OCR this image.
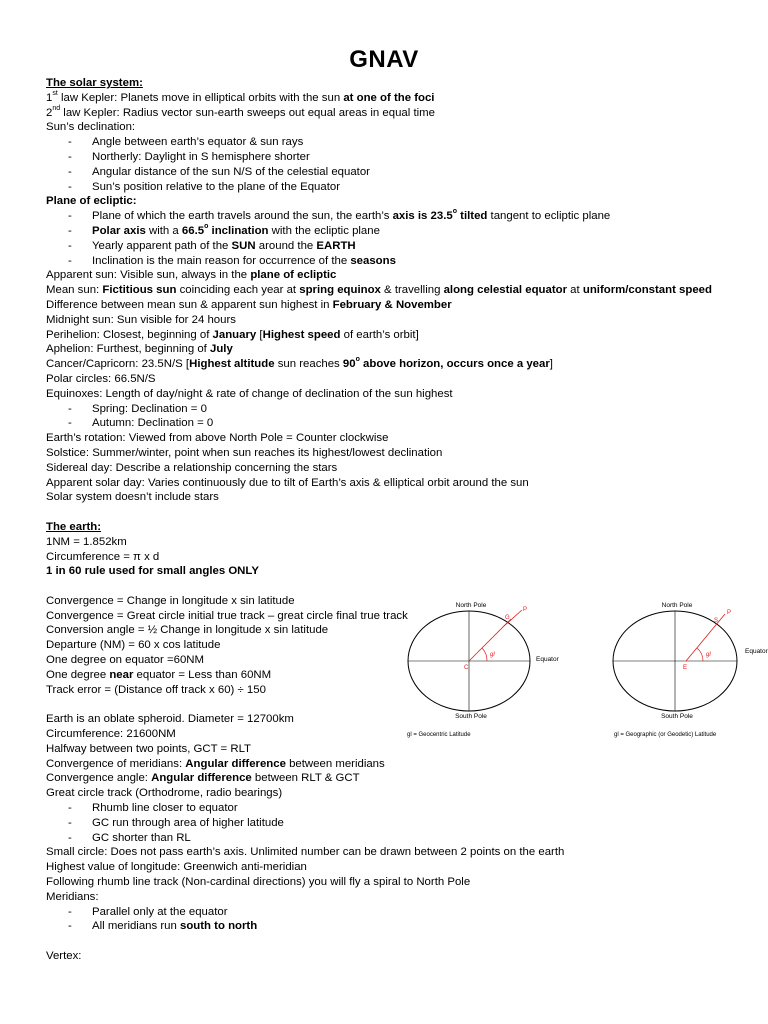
GNAV
The solar system:
1st law Kepler: Planets move in elliptical orbits with the sun at one of the foci
2nd law Kepler: Radius vector sun-earth sweeps out equal areas in equal time
Sun’s declination:
-	Angle between earth’s equator & sun rays
-	Northerly: Daylight in S hemisphere shorter
-	Angular distance of the sun N/S of the celestial equator
-	Sun’s position relative to the plane of the Equator
Plane of ecliptic:
-	Plane of which the earth travels around the sun, the earth’s axis is 23.5$^o$ tilted tangent to ecliptic plane
-	Polar axis with a 66.5$^o$ inclination with the ecliptic plane
-	Yearly apparent path of the SUN around the EARTH
-	Inclination is the main reason for occurrence of the seasons
Apparent sun: Visible sun, always in the plane of ecliptic
Mean sun: Fictitious sun coinciding each year at spring equinox & travelling along celestial equator at uniform/constant speed
Difference between mean sun & apparent sun highest in February & November
Midnight sun: Sun visible for 24 hours
Perihelion: Closest, beginning of January [Highest speed of earth’s orbit]
Aphelion: Furthest, beginning of July
Cancer/Capricorn: 23.5N/S [Highest altitude sun reaches 90$^o$ above horizon, occurs once a year]
Polar circles: 66.5N/S
Equinoxes: Length of day/night & rate of change of declination of the sun highest
-	Spring: Declination = 0
-	Autumn: Declination = 0
Earth’s rotation: Viewed from above North Pole = Counter clockwise
Solstice: Summer/winter, point when sun reaches its highest/lowest declination
Sidereal day: Describe a relationship concerning the stars
Apparent solar day: Varies continuously due to tilt of Earth’s axis & elliptical orbit around the sun
Solar system doesn’t include stars
The earth:
1NM = 1.852km
Circumference = π x d
1 in 60 rule used for small angles ONLY
Convergence = Change in longitude x sin latitude
Convergence = Great circle initial true track – great circle final true track
Conversion angle = ½ Change in longitude x sin latitude
Departure (NM) = 60 x cos latitude
One degree on equator =60NM
One degree near equator = Less than 60NM
Track error = (Distance off track x 60) ÷ 150
Earth is an oblate spheroid. Diameter = 12700km
Circumference: 21600NM
Halfway between two points, GCT = RLT
Convergence of meridians: Angular difference between meridians
Convergence angle: Angular difference between RLT & GCT
Great circle track (Orthodrome, radio bearings)
-	Rhumb line closer to equator
-	GC run through area of higher latitude
-	GC shorter than RL
Small circle: Does not pass earth’s axis. Unlimited number can be drawn between 2 points on the earth
Highest value of longitude: Greenwich anti-meridian
Following rhumb line track (Non-cardinal directions) you will fly a spiral to North Pole
Meridians:
-	Parallel only at the equator
-	All meridians run south to north
Vertex:
North Pole
gl
C
G
P
Equator
South Pole
gl = Geocentric Latitude
North Pole
gl
E
S
P
Equator
South Pole
gl = Geographic (or Geodetic) Latitude
